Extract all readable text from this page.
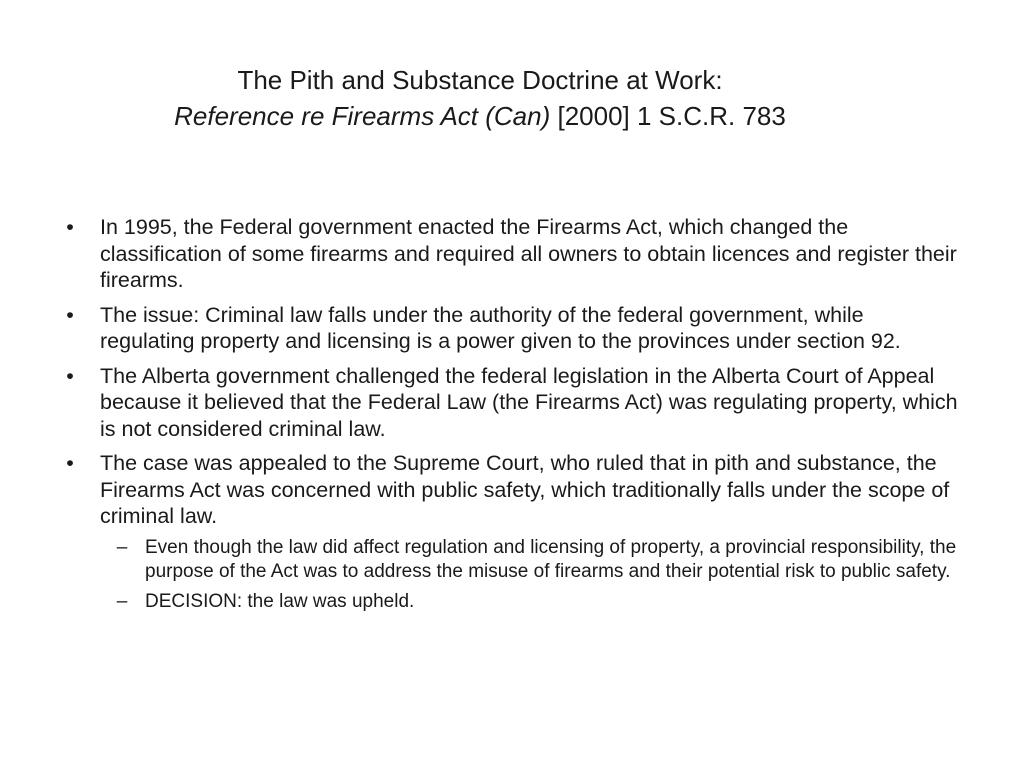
The Pith and Substance Doctrine at Work:
Reference re Firearms Act (Can) [2000] 1 S.C.R. 783
• In 1995, the Federal government enacted the Firearms Act, which changed the classification of some firearms and required all owners to obtain licences and register their firearms.
• The issue: Criminal law falls under the authority of the federal government, while regulating property and licensing is a power given to the provinces under section 92.
• The Alberta government challenged the federal legislation in the Alberta Court of Appeal because it believed that the Federal Law (the Firearms Act) was regulating property, which is not considered criminal law.
• The case was appealed to the Supreme Court, who ruled that in pith and substance, the Firearms Act was concerned with public safety, which traditionally falls under the scope of criminal law.
– Even though the law did affect regulation and licensing of property, a provincial responsibility, the purpose of the Act was to address the misuse of firearms and their potential risk to public safety.
– DECISION: the law was upheld.
